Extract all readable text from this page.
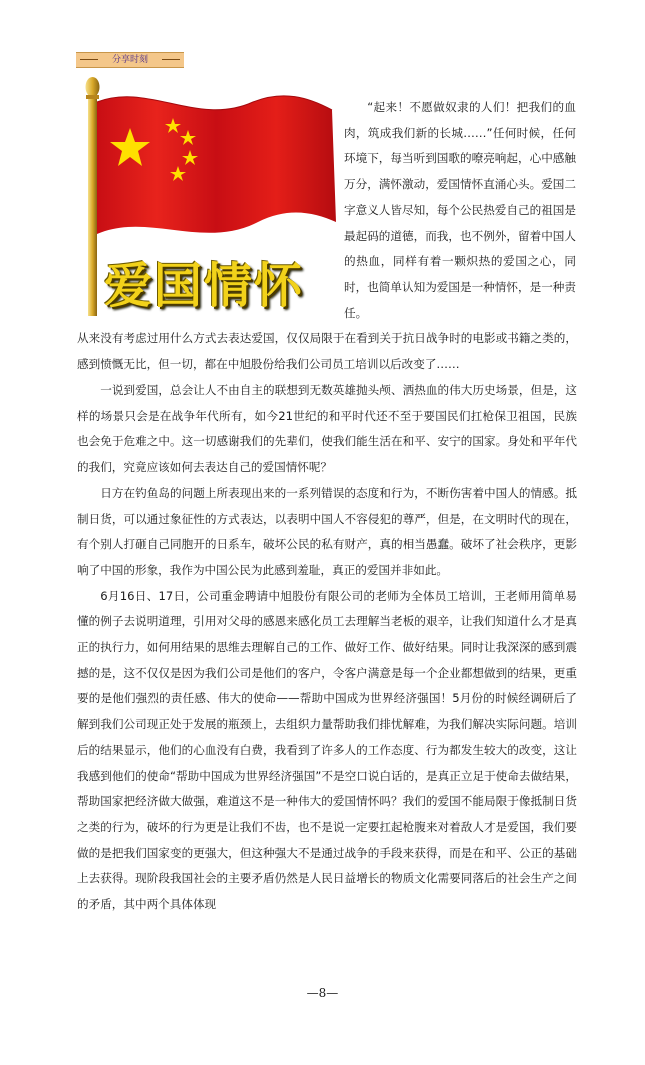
分享时刻
爱国情怀
“起来！不愿做奴隶的人们！把我们的血肉，筑成我们新的长城……”任何时候，任何环境下，每当听到国歌的嘹亮响起，心中感触万分，满怀激动，爱国情怀直涌心头。爱国二字意义人皆尽知，每个公民热爱自己的祖国是最起码的道德，而我，也不例外，留着中国人的热血，同样有着一颗炽热的爱国之心，同时，也简单认知为爱国是一种情怀，是一种责任。
从来没有考虑过用什么方式去表达爱国，仅仅局限于在看到关于抗日战争时的电影或书籍之类的，感到愤慨无比，但一切，都在中旭股份给我们公司员工培训以后改变了……

一说到爱国，总会让人不由自主的联想到无数英雄抛头颅、洒热血的伟大历史场景，但是，这样的场景只会是在战争年代所有，如今21世纪的和平时代还不至于要国民们扛枪保卫祖国，民族也会免于危难之中。这一切感谢我们的先辈们，使我们能生活在和平、安宁的国家。身处和平年代的我们，究竟应该如何去表达自己的爱国情怀呢？

日方在钓鱼岛的问题上所表现出来的一系列错误的态度和行为，不断伤害着中国人的情感。抵制日货，可以通过象征性的方式表达，以表明中国人不容侵犯的尊严，但是，在文明时代的现在，有个别人打砸自己同胞开的日系车，破坏公民的私有财产，真的相当愚蠢。破坏了社会秩序，更影响了中国的形象，我作为中国公民为此感到羞耻，真正的爱国并非如此。

6月16日、17日，公司重金聘请中旭股份有限公司的老师为全体员工培训，王老师用简单易懂的例子去说明道理，引用对父母的感恩来感化员工去理解当老板的艰辛，让我们知道什么才是真正的执行力，如何用结果的思维去理解自己的工作、做好工作、做好结果。同时让我深深的感到震撼的是，这不仅仅是因为我们公司是他们的客户，令客户满意是每一个企业都想做到的结果，更重要的是他们强烈的责任感、伟大的使命——帮助中国成为世界经济强国！5月份的时候经调研后了解到我们公司现正处于发展的瓶颈上，去组织力量帮助我们排忧解难，为我们解决实际问题。培训后的结果显示，他们的心血没有白费，我看到了许多人的工作态度、行为都发生较大的改变，这让我感到他们的使命“帮助中国成为世界经济强国”不是空口说白话的，是真正立足于使命去做结果，帮助国家把经济做大做强，难道这不是一种伟大的爱国情怀吗？我们的爱国不能局限于像抵制日货之类的行为，破坏的行为更是让我们不齿，也不是说一定要扛起枪腹来对着敌人才是爱国，我们要做的是把我们国家变的更强大，但这种强大不是通过战争的手段来获得，而是在和平、公正的基础上去获得。现阶段我国社会的主要矛盾仍然是人民日益增长的物质文化需要同落后的社会生产之间的矛盾，其中两个具体体现

—8—
